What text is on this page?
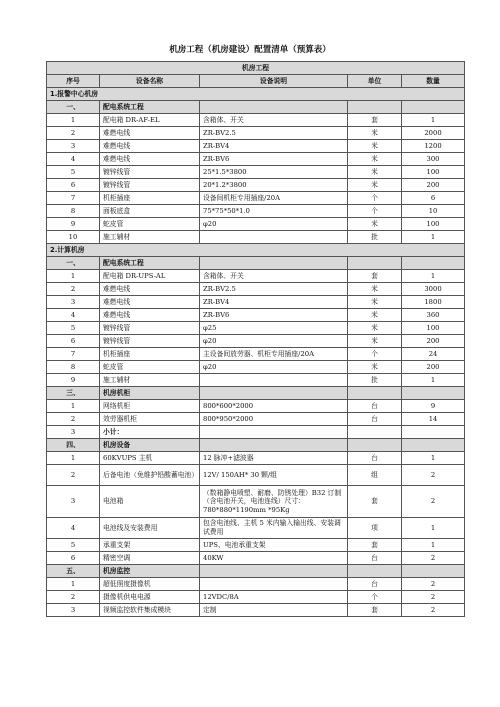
机房工程（机房建设）配置清单（预算表）
机房工程				
序号	设备名称	设备说明	单位	数量
1.报警中心机房				
一、	配电系统工程			
1	配电箱 DR-AF-EL	含箱体、开关	套	1
2	难燃电线	ZR-BV2.5	米	2000
3	难燃电线	ZR-BV4	米	1200
4	难燃电线	ZR-BV6	米	300
5	镀锌线管	25*1.5*3800	米	100
6	镀锌线管	20*1.2*3800	米	200
7	机柜插座	设备间机柜专用插座/20A	个	6
8	面板底盒	75*75*50*1.0	个	10
9	蛇皮管	φ20	米	100
10	施工辅材		批	1
2.计算机房				
一、	配电系统工程			
1	配电箱 DR-UPS-AL	含箱体、开关	套	1
2	难燃电线	ZR-BV2.5	米	3000
3	难燃电线	ZR-BV4	米	1800
4	难燃电线	ZR-BV6	米	360
5	镀锌线管	φ25	米	100
6	镀锌线管	φ20	米	200
7	机柜插座	主设备间放劳器、机柜专用插座/20A	个	24
8	蛇皮管	φ20	米	200
9	施工辅材		批	1
三、	机房机柜			
1	网络机柜	800*600*2000	台	9
2	效劳器机柜	800*950*2000	台	14
3	小计：			
四、	机房设备			
1	60KVUPS 主机	12 脉冲+滤波器	台	1
2	后备电池（免维护铅酸蓄电池）	12V/ 150AH* 30 颗/组	组	2
3	电池箱	（数箱静电喷塑、耐磨、防锈处理）B32 订制（含电池开关，电池连线）尺寸：780*880*1190mm *95Kg	套	2
4	电池线及安装费用	包含电池线、主机 5 米内输入输出线、安装调试费用	项	1
5	承重支架	UPS、电池承重支架	套	1
6	精密空调	40KW	台	2
五、	机房监控			
1	超低照度摄像机		台	2
2	摄像机供电电源	12VDC/8A	个	2
3	视频监控软件集成模块	定制	套	2
